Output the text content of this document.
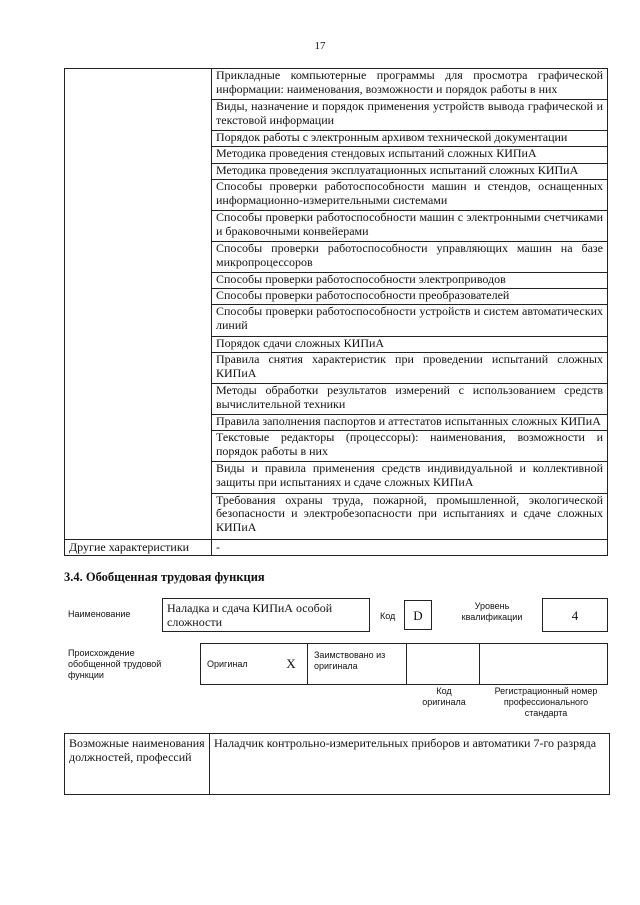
17
	Прикладные компьютерные программы для просмотра графической информации: наименования, возможности и порядок работы в них
	Виды, назначение и порядок применения устройств вывода графической и текстовой информации
	Порядок работы с электронным архивом технической документации
	Методика проведения стендовых испытаний сложных КИПиА
	Методика проведения эксплуатационных испытаний сложных КИПиА
	Способы проверки работоспособности машин и стендов, оснащенных информационно-измерительными системами
	Способы проверки работоспособности машин с электронными счетчиками и браковочными конвейерами
	Способы проверки работоспособности управляющих машин на базе микропроцессоров
	Способы проверки работоспособности электроприводов
	Способы проверки работоспособности преобразователей
	Способы проверки работоспособности устройств и систем автоматических линий
	Порядок сдачи сложных КИПиА
	Правила снятия характеристик при проведении испытаний сложных КИПиА
	Методы обработки результатов измерений с использованием средств вычислительной техники
	Правила заполнения паспортов и аттестатов испытанных сложных КИПиА
	Текстовые редакторы (процессоры): наименования, возможности и порядок работы в них
	Виды и правила применения средств индивидуальной и коллективной защиты при испытаниях и сдаче сложных КИПиА
	Требования охраны труда, пожарной, промышленной, экологической безопасности и электробезопасности при испытаниях и сдаче сложных КИПиА
Другие характеристики	-
3.4. Обобщенная трудовая функция
Наименование	Наладка и сдача КИПиА особой сложности	Код	D
Уровень квалификации	4
Происхождение обобщенной трудовой функции
Оригинал	X	Заимствовано из оригинала		
Код оригинала
Регистрационный номер профессионального стандарта
Возможные наименования должностей, профессий	Наладчик контрольно-измерительных приборов и автоматики 7-го разряда
